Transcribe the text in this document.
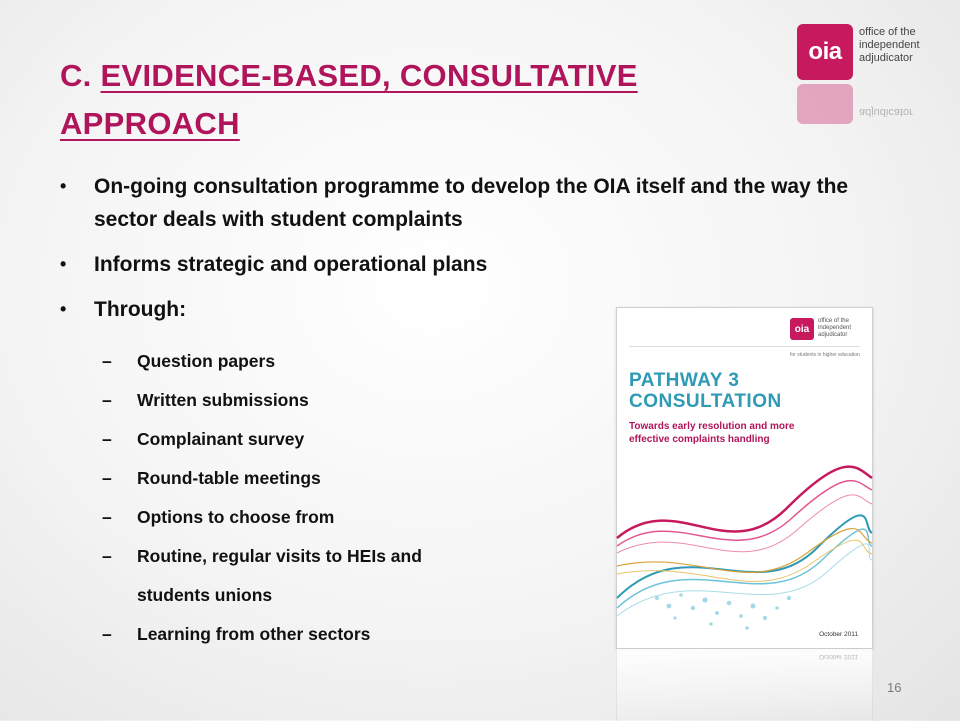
C. EVIDENCE-BASED, CONSULTATIVE APPROACH
oia
office of the
independent
adjudicator
adjudicator
• On-going consultation programme to develop the OIA itself and the way the sector deals with student complaints
• Informs strategic and operational plans
• Through:
– Question papers
– Written submissions
– Complainant survey
– Round-table meetings
– Options to choose from
– Routine, regular visits to HEIs and
students unions
– Learning from other sectors
oia
office of the independent adjudicator
for students in higher education
PATHWAY 3 CONSULTATION
Towards early resolution and more effective complaints handling
October 2011
October 2011
16
